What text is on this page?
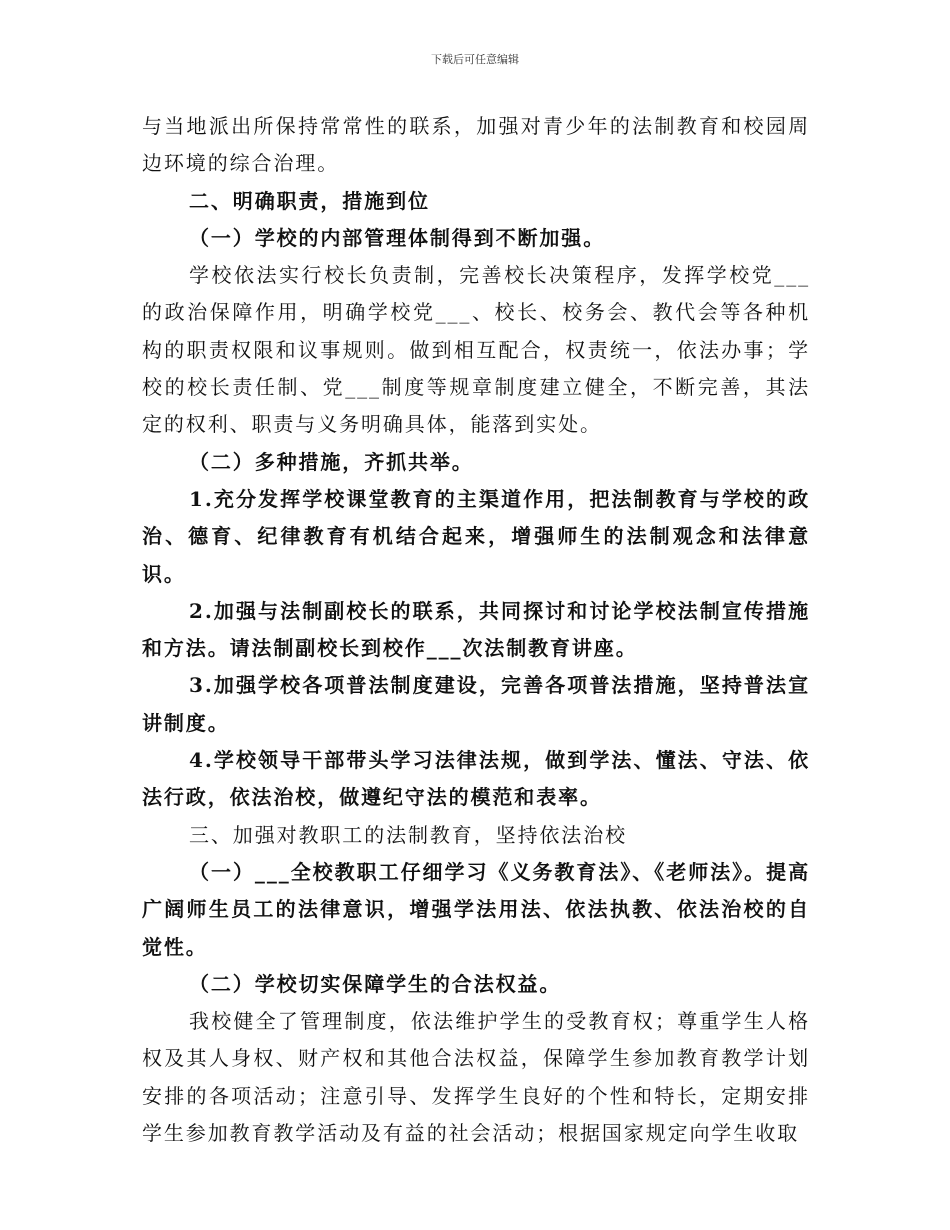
下载后可任意编辑

与当地派出所保持常常性的联系，加强对青少年的法制教育和校园周边环境的综合治理。

二、明确职责，措施到位

（一）学校的内部管理体制得到不断加强。

学校依法实行校长负责制，完善校长决策程序，发挥学校党___的政治保障作用，明确学校党___、校长、校务会、教代会等各种机构的职责权限和议事规则。做到相互配合，权责统一，依法办事；学校的校长责任制、党___制度等规章制度建立健全，不断完善，其法定的权利、职责与义务明确具体，能落到实处。

（二）多种措施，齐抓共举。

1.充分发挥学校课堂教育的主渠道作用，把法制教育与学校的政治、德育、纪律教育有机结合起来，增强师生的法制观念和法律意识。

2.加强与法制副校长的联系，共同探讨和讨论学校法制宣传措施和方法。请法制副校长到校作___次法制教育讲座。

3.加强学校各项普法制度建设，完善各项普法措施，坚持普法宣讲制度。

4.学校领导干部带头学习法律法规，做到学法、懂法、守法、依法行政，依法治校，做遵纪守法的模范和表率。

三、加强对教职工的法制教育，坚持依法治校

（一）___全校教职工仔细学习《义务教育法》、《老师法》。提高广阔师生员工的法律意识，增强学法用法、依法执教、依法治校的自觉性。

（二）学校切实保障学生的合法权益。

我校健全了管理制度，依法维护学生的受教育权；尊重学生人格权及其人身权、财产权和其他合法权益，保障学生参加教育教学计划安排的各项活动；注意引导、发挥学生良好的个性和特长，定期安排学生参加教育教学活动及有益的社会活动；根据国家规定向学生收取
